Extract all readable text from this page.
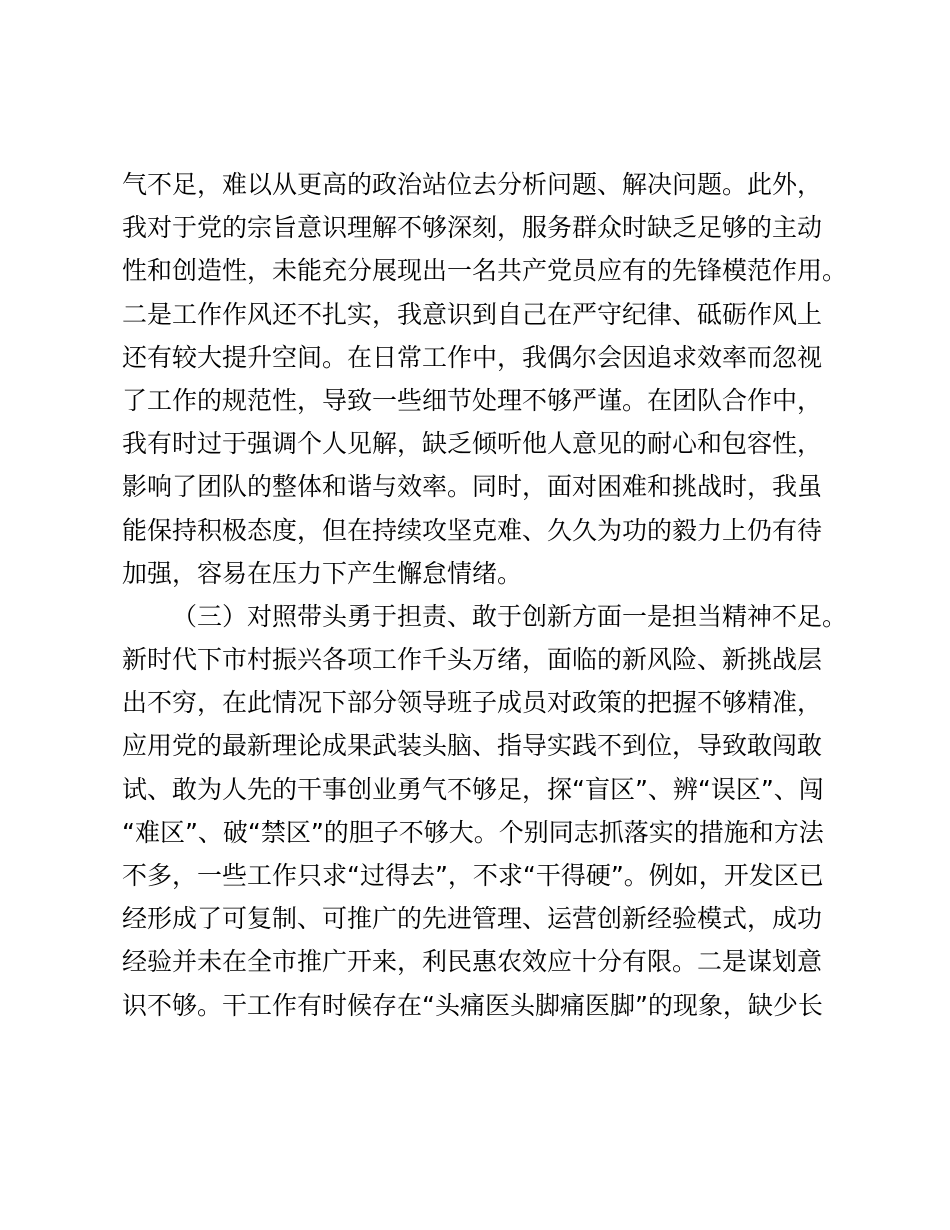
气不足，难以从更高的政治站位去分析问题、解决问题。此外，
我对于党的宗旨意识理解不够深刻，服务群众时缺乏足够的主动
性和创造性，未能充分展现出一名共产党员应有的先锋模范作用。
二是工作作风还不扎实，我意识到自己在严守纪律、砥砺作风上
还有较大提升空间。在日常工作中，我偶尔会因追求效率而忽视
了工作的规范性，导致一些细节处理不够严谨。在团队合作中，
我有时过于强调个人见解，缺乏倾听他人意见的耐心和包容性，
影响了团队的整体和谐与效率。同时，面对困难和挑战时，我虽
能保持积极态度，但在持续攻坚克难、久久为功的毅力上仍有待
加强，容易在压力下产生懈怠情绪。
（三）对照带头勇于担责、敢于创新方面一是担当精神不足。
新时代下市村振兴各项工作千头万绪，面临的新风险、新挑战层
出不穷，在此情况下部分领导班子成员对政策的把握不够精准，
应用党的最新理论成果武装头脑、指导实践不到位，导致敢闯敢
试、敢为人先的干事创业勇气不够足，探“盲区”、辨“误区”、闯
“难区”、破“禁区”的胆子不够大。个别同志抓落实的措施和方法
不多，一些工作只求“过得去”，不求“干得硬”。例如，开发区已
经形成了可复制、可推广的先进管理、运营创新经验模式，成功
经验并未在全市推广开来，利民惠农效应十分有限。二是谋划意
识不够。干工作有时候存在“头痛医头脚痛医脚”的现象，缺少长
